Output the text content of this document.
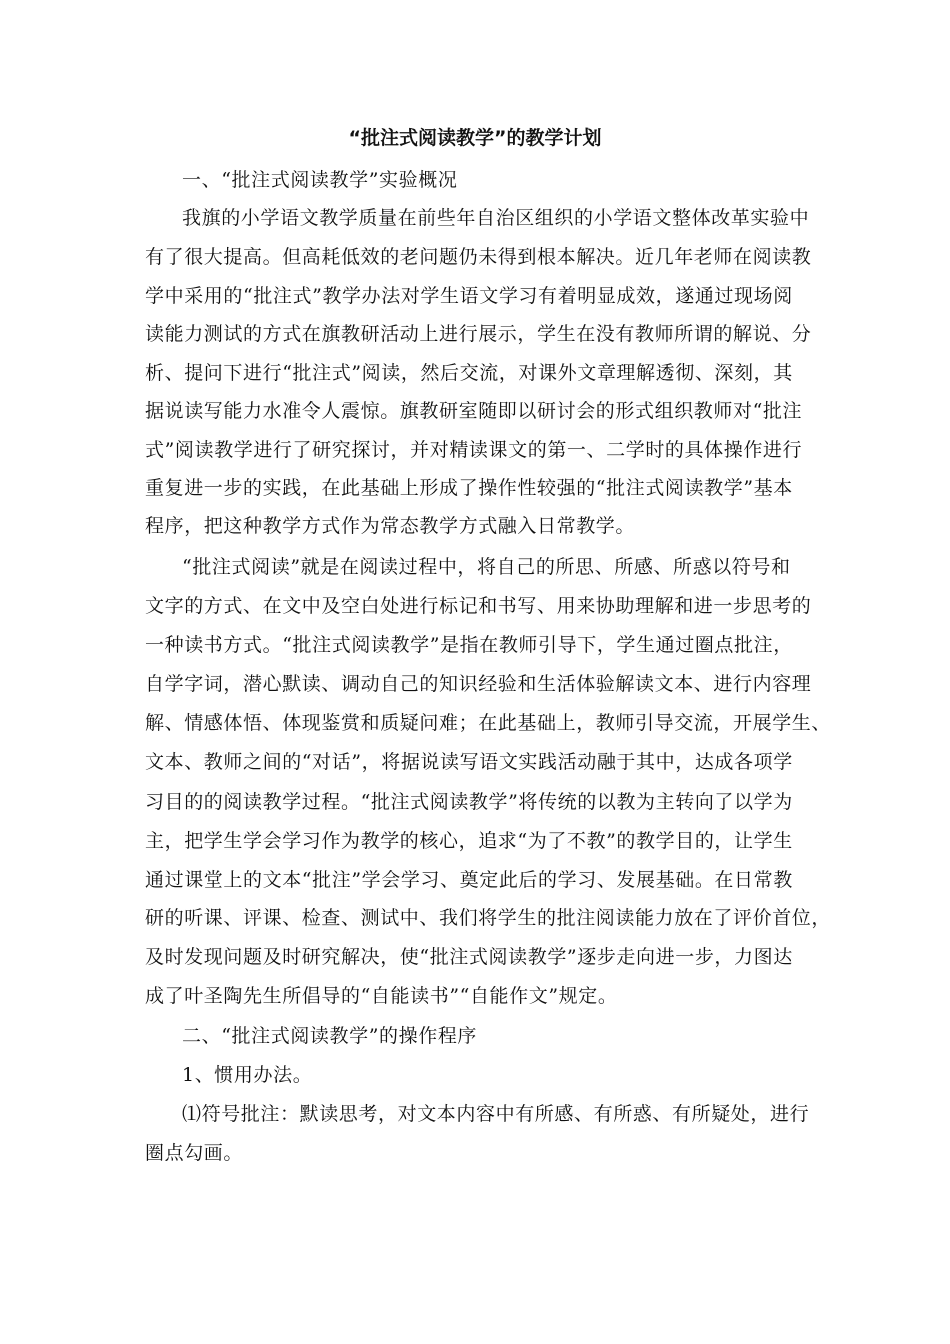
“批注式阅读教学”的教学计划
一、“批注式阅读教学”实验概况
我旗的小学语文教学质量在前些年自治区组织的小学语文整体改革实验中
有了很大提高。但高耗低效的老问题仍未得到根本解决。近几年老师在阅读教
学中采用的“批注式”教学办法对学生语文学习有着明显成效，遂通过现场阅
读能力测试的方式在旗教研活动上进行展示，学生在没有教师所谓的解说、分
析、提问下进行“批注式”阅读，然后交流，对课外文章理解透彻、深刻，其
据说读写能力水准令人震惊。旗教研室随即以研讨会的形式组织教师对“批注
式”阅读教学进行了研究探讨，并对精读课文的第一、二学时的具体操作进行
重复进一步的实践，在此基础上形成了操作性较强的“批注式阅读教学”基本
程序，把这种教学方式作为常态教学方式融入日常教学。
“批注式阅读”就是在阅读过程中，将自己的所思、所感、所惑以符号和
文字的方式、在文中及空白处进行标记和书写、用来协助理解和进一步思考的
一种读书方式。“批注式阅读教学”是指在教师引导下，学生通过圈点批注，
自学字词，潜心默读、调动自己的知识经验和生活体验解读文本、进行内容理
解、情感体悟、体现鉴赏和质疑问难；在此基础上，教师引导交流，开展学生、
文本、教师之间的“对话”，将据说读写语文实践活动融于其中，达成各项学
习目的的阅读教学过程。“批注式阅读教学”将传统的以教为主转向了以学为
主，把学生学会学习作为教学的核心，追求“为了不教”的教学目的，让学生
通过课堂上的文本“批注”学会学习、奠定此后的学习、发展基础。在日常教
研的听课、评课、检查、测试中、我们将学生的批注阅读能力放在了评价首位，
及时发现问题及时研究解决，使“批注式阅读教学”逐步走向进一步，力图达
成了叶圣陶先生所倡导的“自能读书”“自能作文”规定。
二、“批注式阅读教学”的操作程序
1、惯用办法。
⑴符号批注：默读思考，对文本内容中有所感、有所惑、有所疑处，进行
圈点勾画。
